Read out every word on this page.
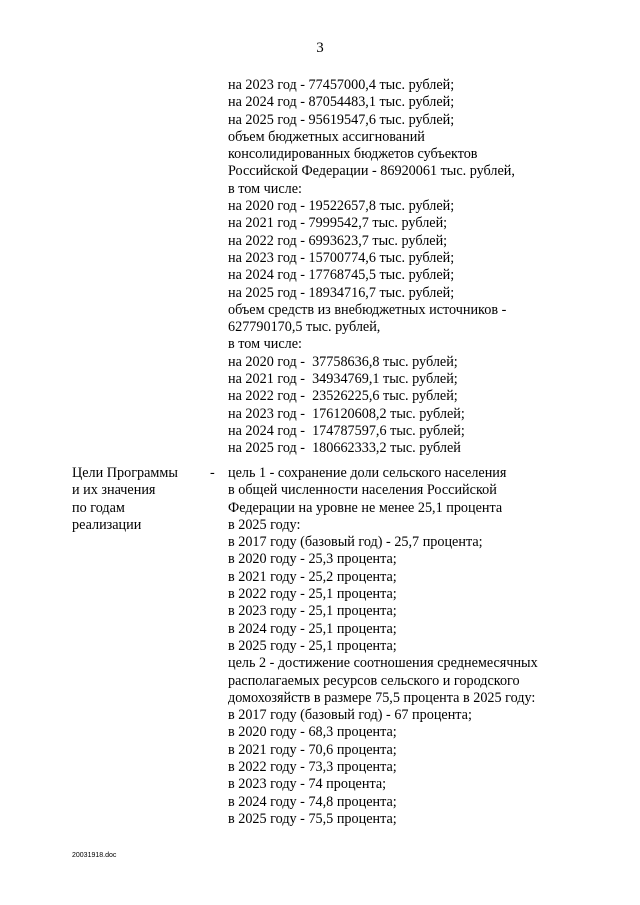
3
на 2023 год - 77457000,4 тыс. рублей;
на 2024 год - 87054483,1 тыс. рублей;
на 2025 год - 95619547,6 тыс. рублей;
объем бюджетных ассигнований
консолидированных бюджетов субъектов
Российской Федерации - 86920061 тыс. рублей,
в том числе:
на 2020 год - 19522657,8 тыс. рублей;
на 2021 год - 7999542,7 тыс. рублей;
на 2022 год - 6993623,7 тыс. рублей;
на 2023 год - 15700774,6 тыс. рублей;
на 2024 год - 17768745,5 тыс. рублей;
на 2025 год - 18934716,7 тыс. рублей;
объем средств из внебюджетных источников -
627790170,5 тыс. рублей,
в том числе:
на 2020 год -  37758636,8 тыс. рублей;
на 2021 год -  34934769,1 тыс. рублей;
на 2022 год -  23526225,6 тыс. рублей;
на 2023 год -  176120608,2 тыс. рублей;
на 2024 год -  174787597,6 тыс. рублей;
на 2025 год -  180662333,2 тыс. рублей
Цели Программы
и их значения
по годам
реализации
- цель 1 - сохранение доли сельского населения
в общей численности населения Российской
Федерации на уровне не менее 25,1 процента
в 2025 году:
в 2017 году (базовый год) - 25,7 процента;
в 2020 году - 25,3 процента;
в 2021 году - 25,2 процента;
в 2022 году - 25,1 процента;
в 2023 году - 25,1 процента;
в 2024 году - 25,1 процента;
в 2025 году - 25,1 процента;
цель 2 - достижение соотношения среднемесячных
располагаемых ресурсов сельского и городского
домохозяйств в размере 75,5 процента в 2025 году:
в 2017 году (базовый год) - 67 процента;
в 2020 году - 68,3 процента;
в 2021 году - 70,6 процента;
в 2022 году - 73,3 процента;
в 2023 году - 74 процента;
в 2024 году - 74,8 процента;
в 2025 году - 75,5 процента;
20031918.doc
